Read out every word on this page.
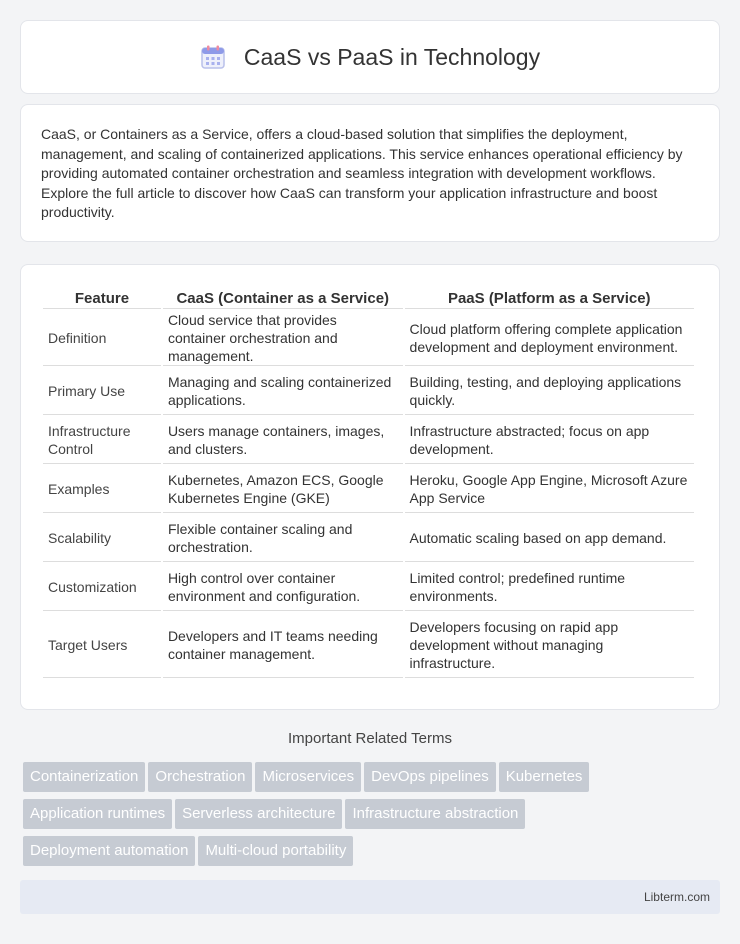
CaaS vs PaaS in Technology

CaaS, or Containers as a Service, offers a cloud-based solution that simplifies the deployment, management, and scaling of containerized applications. This service enhances operational efficiency by providing automated container orchestration and seamless integration with development workflows. Explore the full article to discover how CaaS can transform your application infrastructure and boost productivity.

Feature	CaaS (Container as a Service)	PaaS (Platform as a Service)
Definition	Cloud service that provides container orchestration and management.	Cloud platform offering complete application development and deployment environment.
Primary Use	Managing and scaling containerized applications.	Building, testing, and deploying applications quickly.
Infrastructure Control	Users manage containers, images, and clusters.	Infrastructure abstracted; focus on app development.
Examples	Kubernetes, Amazon ECS, Google Kubernetes Engine (GKE)	Heroku, Google App Engine, Microsoft Azure App Service
Scalability	Flexible container scaling and orchestration.	Automatic scaling based on app demand.
Customization	High control over container environment and configuration.	Limited control; predefined runtime environments.
Target Users	Developers and IT teams needing container management.	Developers focusing on rapid app development without managing infrastructure.
Important Related Terms
Containerization Orchestration Microservices DevOps pipelines Kubernetes
Application runtimes Serverless architecture Infrastructure abstraction
Deployment automation Multi-cloud portability
Libterm.com
